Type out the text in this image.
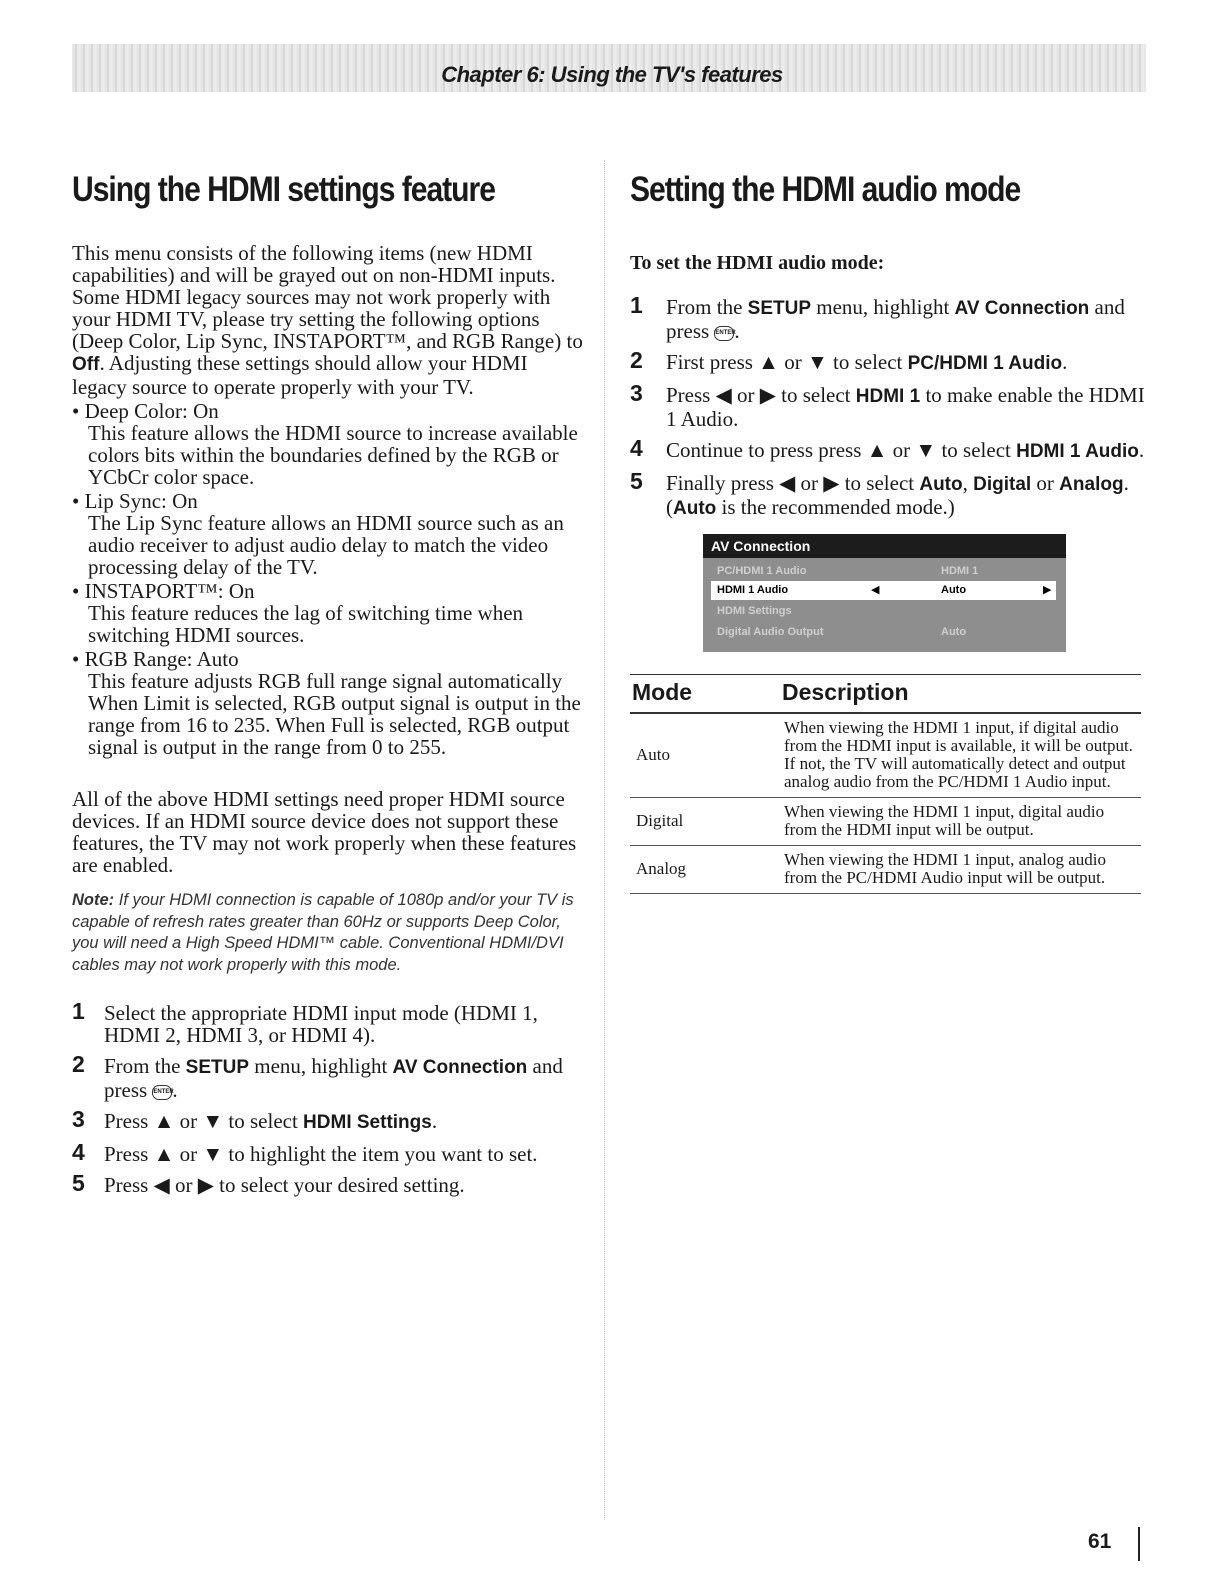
Chapter 6: Using the TV's features
Using the HDMI settings feature

This menu consists of the following items (new HDMI capabilities) and will be grayed out on non-HDMI inputs.

Some HDMI legacy sources may not work properly with your HDMI TV, please try setting the following options (Deep Color, Lip Sync, INSTAPORT™, and RGB Range) to Off. Adjusting these settings should allow your HDMI legacy source to operate properly with your TV.

• Deep Color: On
This feature allows the HDMI source to increase available colors bits within the boundaries defined by the RGB or YCbCr color space.
• Lip Sync: On
The Lip Sync feature allows an HDMI source such as an audio receiver to adjust audio delay to match the video processing delay of the TV.
• INSTAPORT™: On
This feature reduces the lag of switching time when switching HDMI sources.
• RGB Range: Auto
This feature adjusts RGB full range signal automatically
When Limit is selected, RGB output signal is output in the range from 16 to 235. When Full is selected, RGB output signal is output in the range from 0 to 255.

All of the above HDMI settings need proper HDMI source devices. If an HDMI source device does not support these features, the TV may not work properly when these features are enabled.

Note: If your HDMI connection is capable of 1080p and/or your TV is capable of refresh rates greater than 60Hz or supports Deep Color, you will need a High Speed HDMI™ cable. Conventional HDMI/DVI cables may not work properly with this mode.
1 Select the appropriate HDMI input mode (HDMI 1, HDMI 2, HDMI 3, or HDMI 4).
2 From the SETUP menu, highlight AV Connection and press ENTER.
3 Press ▲ or ▼ to select HDMI Settings.
4 Press ▲ or ▼ to highlight the item you want to set.
5 Press ◀ or ▶ to select your desired setting.
Setting the HDMI audio mode
To set the HDMI audio mode:
1 From the SETUP menu, highlight AV Connection and press ENTER.
2 First press ▲ or ▼ to select PC/HDMI 1 Audio.
3 Press ◀ or ▶ to select HDMI 1 to make enable the HDMI 1 Audio.
4 Continue to press press ▲ or ▼ to select HDMI 1 Audio.
5 Finally press ◀ or ▶ to select Auto, Digital or Analog. (Auto is the recommended mode.)
AV Connection
PC/HDMI 1 Audio	HDMI 1
HDMI 1 Audio	◀	Auto	▶
HDMI Settings
Digital Audio Output	Auto
Mode	Description
Auto	When viewing the HDMI 1 input, if digital audio from the HDMI input is available, it will be output. If not, the TV will automatically detect and output analog audio from the PC/HDMI 1 Audio input.
Digital	When viewing the HDMI 1 input, digital audio from the HDMI input will be output.
Analog	When viewing the HDMI 1 input, analog audio from the PC/HDMI Audio input will be output.
61
